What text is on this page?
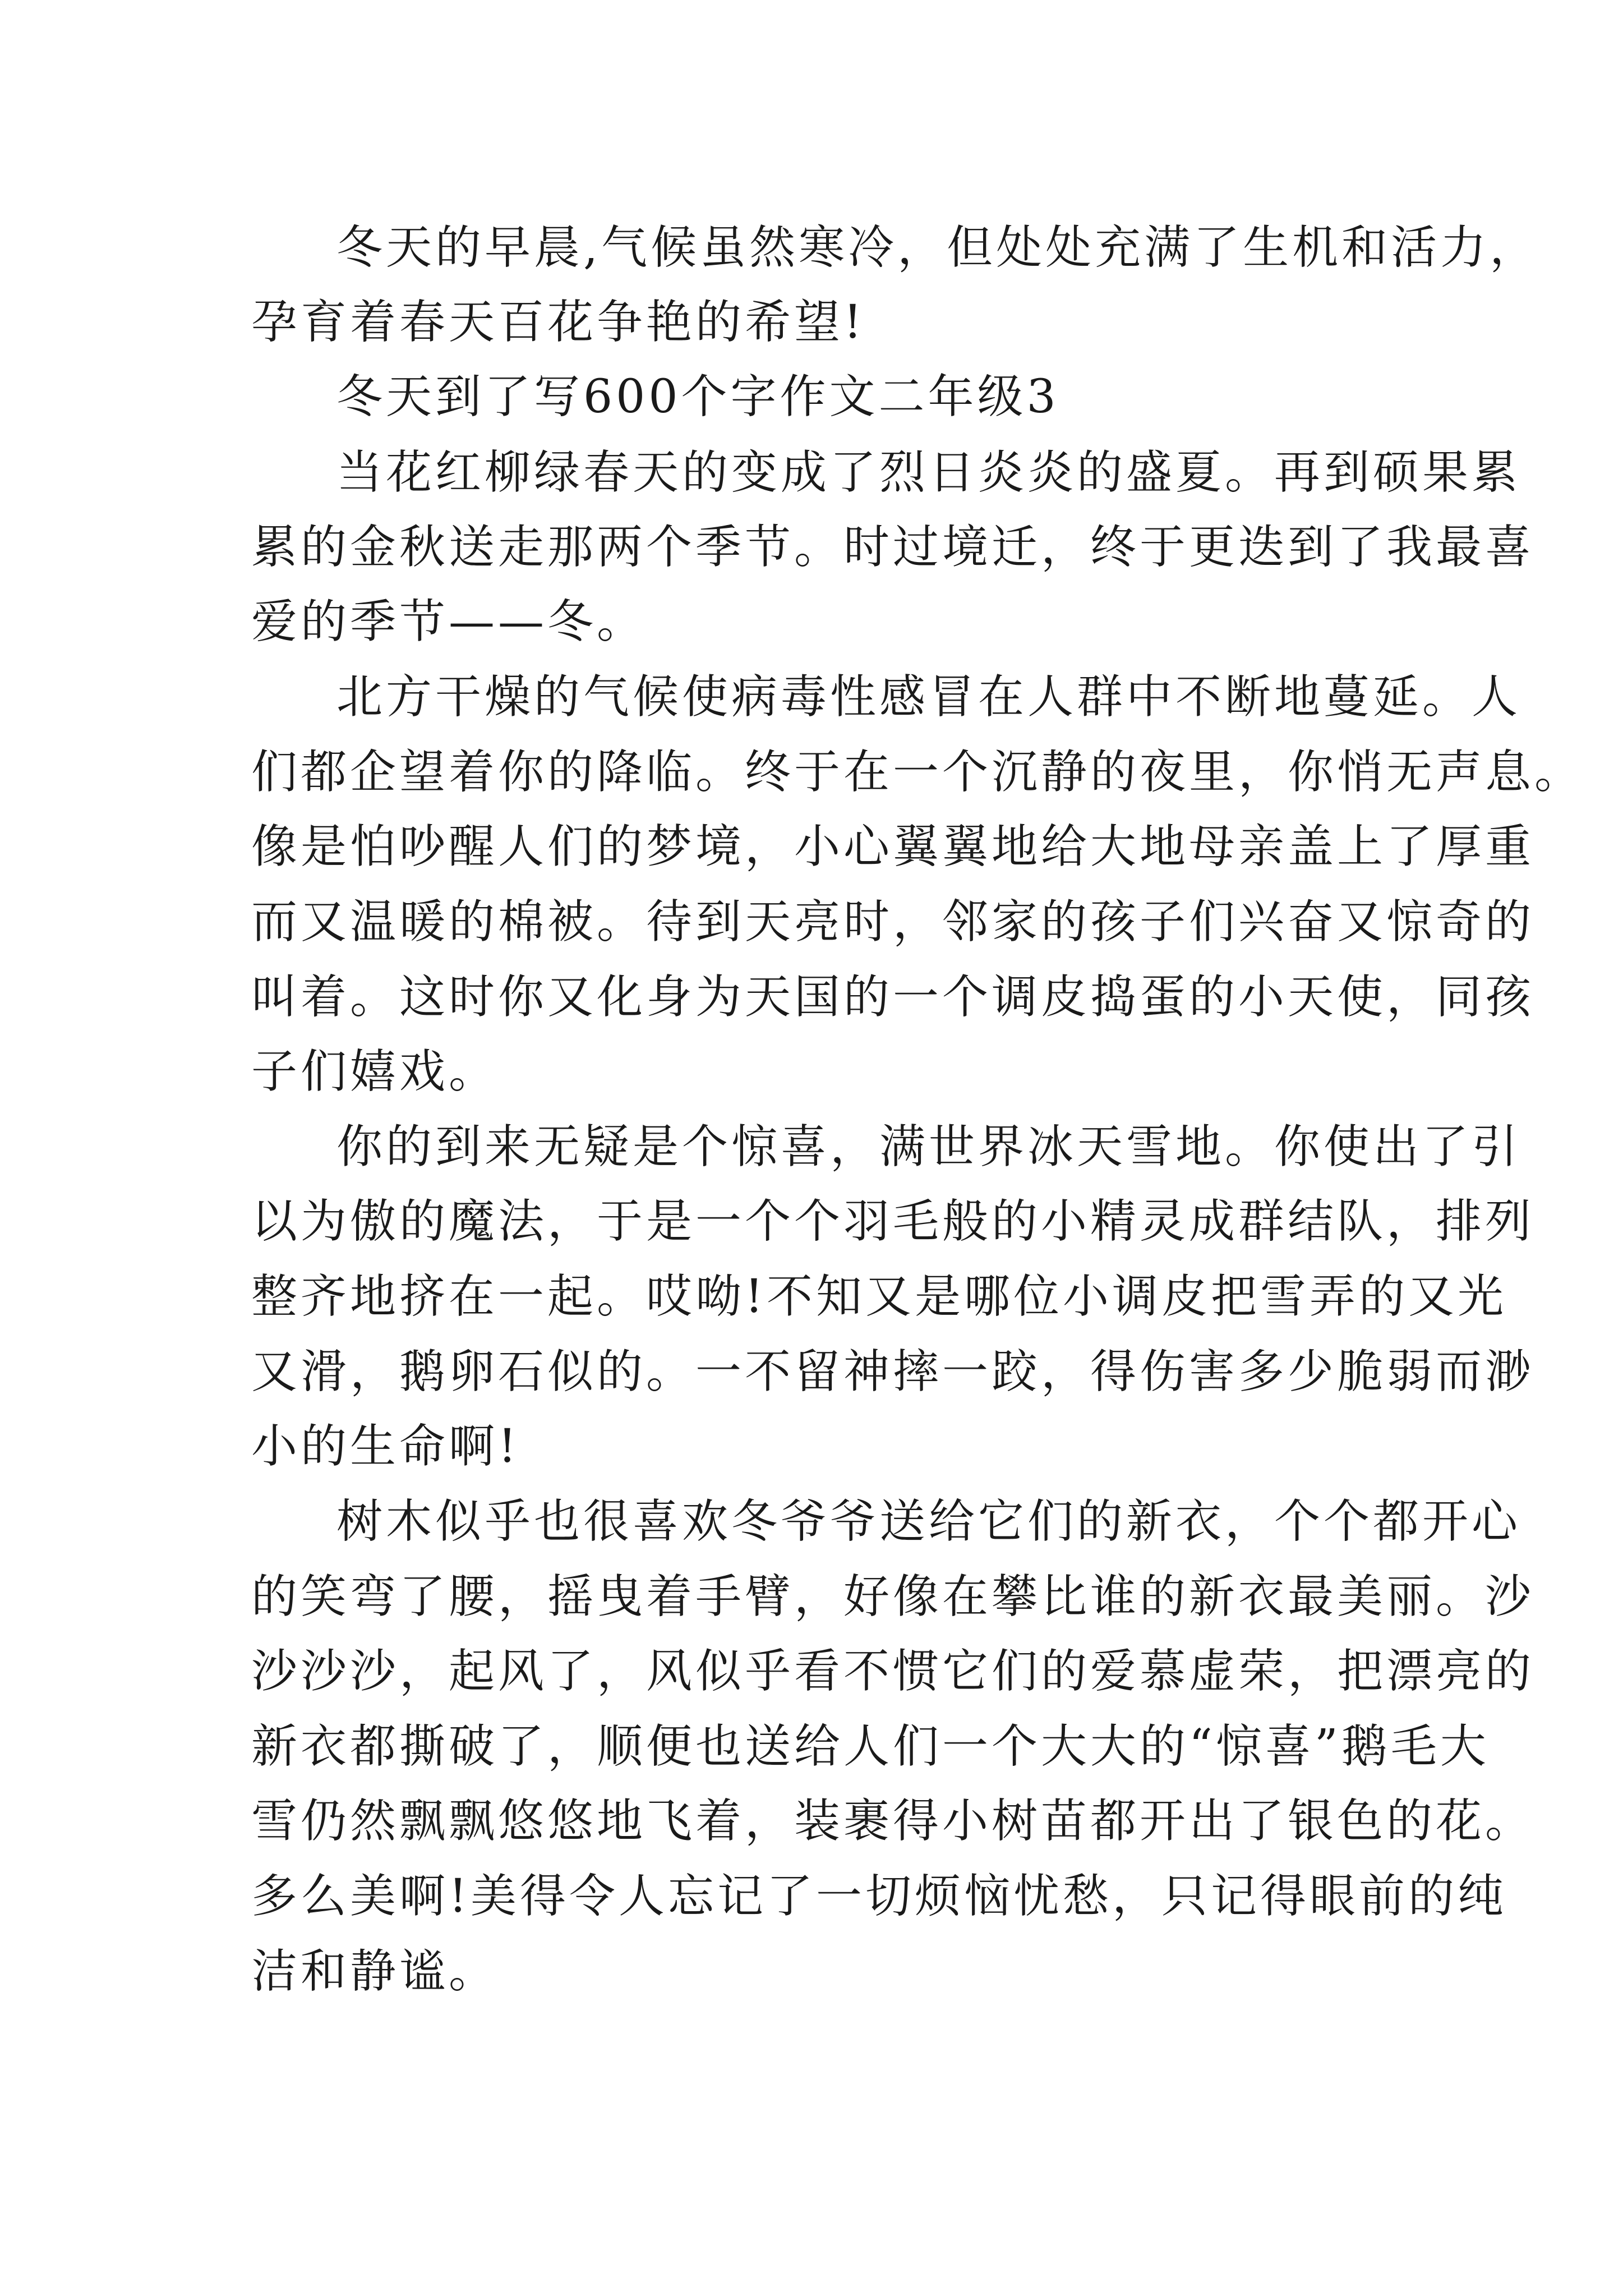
冬天的早晨,气候虽然寒冷，但处处充满了生机和活力，
孕育着春天百花争艳的希望!
冬天到了写600个字作文二年级3
当花红柳绿春天的变成了烈日炎炎的盛夏。再到硕果累
累的金秋送走那两个季节。时过境迁，终于更迭到了我最喜
爱的季节——冬。
北方干燥的气候使病毒性感冒在人群中不断地蔓延。人
们都企望着你的降临。终于在一个沉静的夜里，你悄无声息。
像是怕吵醒人们的梦境，小心翼翼地给大地母亲盖上了厚重
而又温暖的棉被。待到天亮时，邻家的孩子们兴奋又惊奇的
叫着。这时你又化身为天国的一个调皮捣蛋的小天使，同孩
子们嬉戏。
你的到来无疑是个惊喜，满世界冰天雪地。你使出了引
以为傲的魔法，于是一个个羽毛般的小精灵成群结队，排列
整齐地挤在一起。哎呦!不知又是哪位小调皮把雪弄的又光
又滑，鹅卵石似的。一不留神摔一跤，得伤害多少脆弱而渺
小的生命啊!
树木似乎也很喜欢冬爷爷送给它们的新衣，个个都开心
的笑弯了腰，摇曳着手臂，好像在攀比谁的新衣最美丽。沙
沙沙沙，起风了，风似乎看不惯它们的爱慕虚荣，把漂亮的
新衣都撕破了，顺便也送给人们一个大大的“惊喜”鹅毛大
雪仍然飘飘悠悠地飞着，装裹得小树苗都开出了银色的花。
多么美啊!美得令人忘记了一切烦恼忧愁，只记得眼前的纯
洁和静谧。
